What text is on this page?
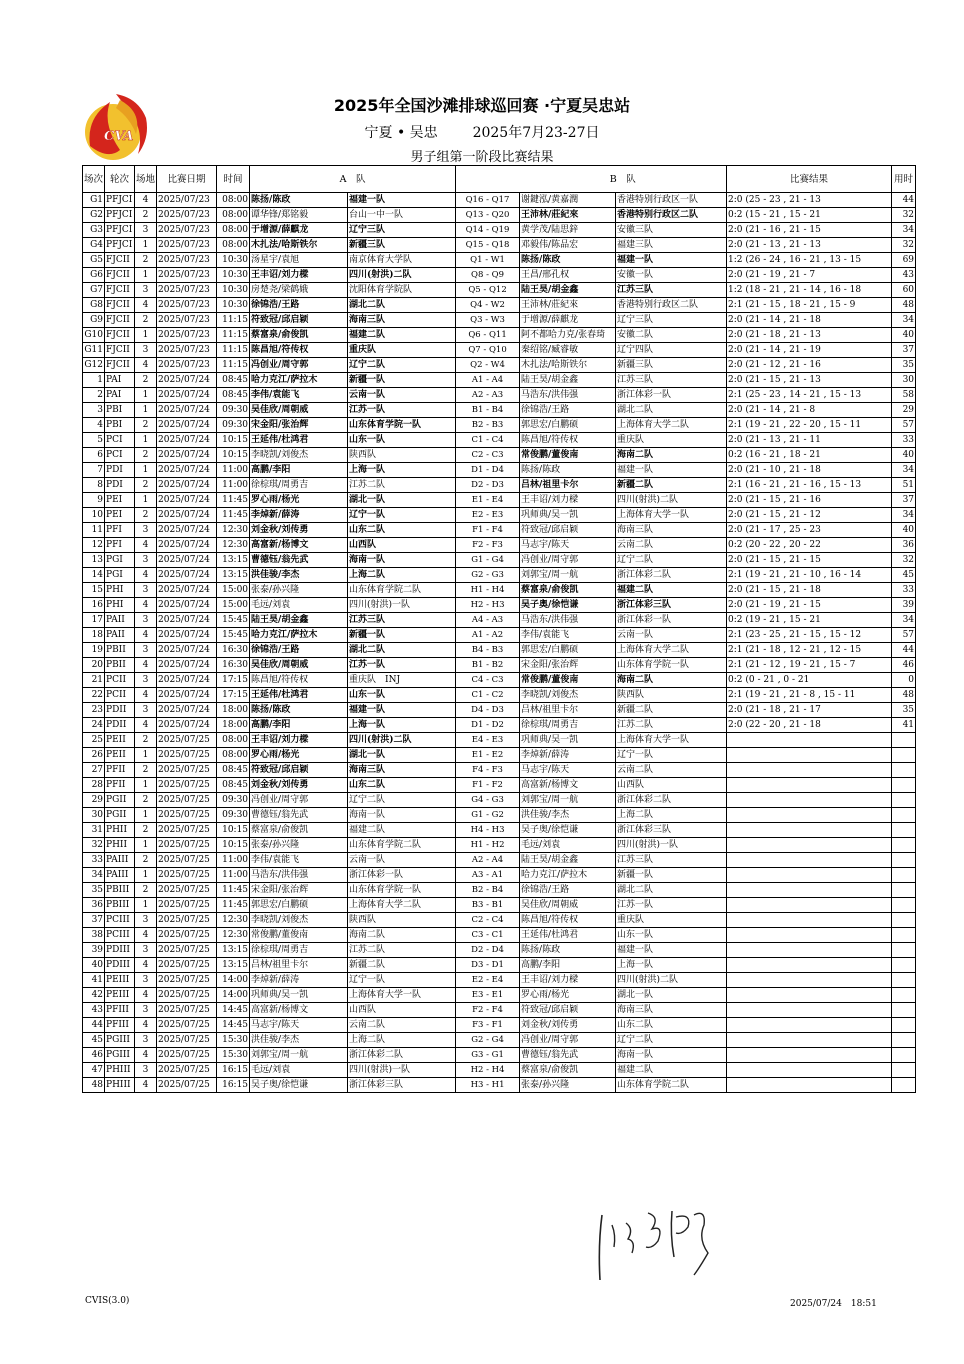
CVA
2025年全国沙滩排球巡回赛 ·宁夏吴忠站
宁夏 • 吴忠 2025年7月23-27日
男子组第一阶段比赛结果
场次	轮次	场地	比赛日期	时间	A　队			B　队		比赛结果	用时
G1	PFJCI	4	2025/07/23	08:00	陈扬/陈政	福建一队	Q16 - Q17	谢鍵泓/黄嘉潤	香港特别行政区一队	2:0 (25 - 23 , 21 - 13	44
G2	PFJCI	2	2025/07/23	08:00	谭华锋/郑铭毅	台山一中一队	Q13 - Q20	王沛林/莊紀來	香港特别行政区二队	0:2 (15 - 21 , 15 - 21	32
G3	PFJCI	3	2025/07/23	08:00	于增源/薛麒龙	辽宁三队	Q14 - Q19	黄学茂/陆思鋅	安徽三队	2:0 (21 - 16 , 21 - 15	34
G4	PFJCI	1	2025/07/23	08:00	木扎法/哈斯铁尔	新疆三队	Q15 - Q18	邓毅伟/陈品宏	福建三队	2:0 (21 - 13 , 21 - 13	32
G5	FJCII	2	2025/07/23	10:30	汤星宇/袁旭	南京体育大学队	Q1 - W1	陈扬/陈政	福建一队	1:2 (26 - 24 , 16 - 21 , 13 - 15	69
G6	FJCII	1	2025/07/23	10:30	王丰诏/刘力樑	四川(射洪)二队	Q8 - Q9	王昌/邢孔权	安徽一队	2:0 (21 - 19 , 21 - 7	43
G7	FJCII	3	2025/07/23	10:30	房楚尧/梁鹤娥	沈阳体育学院队	Q5 - Q12	陆王昊/胡金鑫	江苏三队	1:2 (18 - 21 , 21 - 14 , 16 - 18	60
G8	FJCII	4	2025/07/23	10:30	徐锦浩/王路	湖北二队	Q4 - W2	王沛林/莊紀來	香港特别行政区二队	2:1 (21 - 15 , 18 - 21 , 15 - 9	48
G9	FJCII	2	2025/07/23	11:15	符致冠/邱启颖	海南三队	Q3 - W3	于增源/薛麒龙	辽宁三队	2:0 (21 - 14 , 21 - 18	34
G10	FJCII	1	2025/07/23	11:15	蔡富泉/俞俊凯	福建二队	Q6 - Q11	阿不都哈力克/张春琦	安徽二队	2:0 (21 - 18 , 21 - 13	40
G11	FJCII	3	2025/07/23	11:15	陈昌旭/符传权	重庆队	Q7 - Q10	秦绍铭/臧睿敏	辽宁四队	2:0 (21 - 14 , 21 - 19	37
G12	FJCII	4	2025/07/23	11:15	冯创业/周守郭	辽宁二队	Q2 - W4	木扎法/哈斯铁尔	新疆三队	2:0 (21 - 12 , 21 - 16	35
1	PAI	2	2025/07/24	08:45	哈力克江/萨拉木	新疆一队	A1 - A4	陆王昊/胡金鑫	江苏三队	2:0 (21 - 15 , 21 - 13	30
2	PAI	1	2025/07/24	08:45	李伟/袁能飞	云南一队	A2 - A3	马浩东/洪伟强	浙江体彩一队	2:1 (25 - 23 , 14 - 21 , 15 - 13	58
3	PBI	1	2025/07/24	09:30	吴佳欣/周朝威	江苏一队	B1 - B4	徐锦浩/王路	湖北二队	2:0 (21 - 14 , 21 - 8	29
4	PBI	2	2025/07/24	09:30	宋金阳/张治辉	山东体育学院一队	B2 - B3	郭思宏/白鹏硕	上海体育大学二队	2:1 (19 - 21 , 22 - 20 , 15 - 11	57
5	PCI	1	2025/07/24	10:15	王延伟/杜鸿君	山东一队	C1 - C4	陈昌旭/符传权	重庆队	2:0 (21 - 13 , 21 - 11	33
6	PCI	2	2025/07/24	10:15	李晓凯/刘俊杰	陕西队	C2 - C3	常俊鹏/董俊南	海南二队	0:2 (16 - 21 , 18 - 21	40
7	PDI	1	2025/07/24	11:00	高鹏/李阳	上海一队	D1 - D4	陈扬/陈政	福建一队	2:0 (21 - 10 , 21 - 18	34
8	PDI	2	2025/07/24	11:00	徐棕琪/周勇吉	江苏二队	D2 - D3	吕林/祖里卡尔	新疆二队	2:1 (16 - 21 , 21 - 16 , 15 - 13	51
9	PEI	1	2025/07/24	11:45	罗心雨/杨光	湖北一队	E1 - E4	王丰诏/刘力樑	四川(射洪)二队	2:0 (21 - 15 , 21 - 16	37
10	PEI	2	2025/07/24	11:45	李焯新/薛涛	辽宁一队	E2 - E3	巩师典/吴一凯	上海体育大学一队	2:0 (21 - 15 , 21 - 12	34
11	PFI	3	2025/07/24	12:30	刘金秋/刘传勇	山东二队	F1 - F4	符致冠/邱启颖	海南三队	2:0 (21 - 17 , 25 - 23	40
12	PFI	4	2025/07/24	12:30	高富新/杨博文	山西队	F2 - F3	马志宇/陈天	云南二队	0:2 (20 - 22 , 20 - 22	36
13	PGI	3	2025/07/24	13:15	曹德钰/翁先武	海南一队	G1 - G4	冯创业/周守郭	辽宁二队	2:0 (21 - 15 , 21 - 15	32
14	PGI	4	2025/07/24	13:15	洪佳骏/李杰	上海二队	G2 - G3	刘郭宝/周一航	浙江体彩二队	2:1 (19 - 21 , 21 - 10 , 16 - 14	45
15	PHI	3	2025/07/24	15:00	张泰/孙兴隆	山东体育学院二队	H1 - H4	蔡富泉/俞俊凯	福建二队	2:0 (21 - 15 , 21 - 18	33
16	PHI	4	2025/07/24	15:00	毛远/刘袁	四川(射洪)一队	H2 - H3	吴子奥/徐恺谦	浙江体彩三队	2:0 (21 - 19 , 21 - 15	39
17	PAII	3	2025/07/24	15:45	陆王昊/胡金鑫	江苏三队	A4 - A3	马浩东/洪伟强	浙江体彩一队	0:2 (19 - 21 , 15 - 21	34
18	PAII	4	2025/07/24	15:45	哈力克江/萨拉木	新疆一队	A1 - A2	李伟/袁能飞	云南一队	2:1 (23 - 25 , 21 - 15 , 15 - 12	57
19	PBII	3	2025/07/24	16:30	徐锦浩/王路	湖北二队	B4 - B3	郭思宏/白鹏硕	上海体育大学二队	2:1 (21 - 18 , 12 - 21 , 12 - 15	44
20	PBII	4	2025/07/24	16:30	吴佳欣/周朝威	江苏一队	B1 - B2	宋金阳/张治辉	山东体育学院一队	2:1 (21 - 12 , 19 - 21 , 15 - 7	46
21	PCII	3	2025/07/24	17:15	陈昌旭/符传权	重庆队　INJ	C4 - C3	常俊鹏/董俊南	海南二队	0:2 (0 - 21 , 0 - 21	0
22	PCII	4	2025/07/24	17:15	王延伟/杜鸿君	山东一队	C1 - C2	李晓凯/刘俊杰	陕西队	2:1 (19 - 21 , 21 - 8 , 15 - 11	48
23	PDII	3	2025/07/24	18:00	陈扬/陈政	福建一队	D4 - D3	吕林/祖里卡尔	新疆二队	2:0 (21 - 18 , 21 - 17	35
24	PDII	4	2025/07/24	18:00	高鹏/李阳	上海一队	D1 - D2	徐棕琪/周勇吉	江苏二队	2:0 (22 - 20 , 21 - 18	41
25	PEII	2	2025/07/25	08:00	王丰诏/刘力樑	四川(射洪)二队	E4 - E3	巩师典/吴一凯	上海体育大学一队		
26	PEII	1	2025/07/25	08:00	罗心雨/杨光	湖北一队	E1 - E2	李焯新/薛涛	辽宁一队		
27	PFII	2	2025/07/25	08:45	符致冠/邱启颖	海南三队	F4 - F3	马志宇/陈天	云南二队		
28	PFII	1	2025/07/25	08:45	刘金秋/刘传勇	山东二队	F1 - F2	高富新/杨博文	山西队		
29	PGII	2	2025/07/25	09:30	冯创业/周守郭	辽宁二队	G4 - G3	刘郭宝/周一航	浙江体彩二队		
30	PGII	1	2025/07/25	09:30	曹德钰/翁先武	海南一队	G1 - G2	洪佳骏/李杰	上海二队		
31	PHII	2	2025/07/25	10:15	蔡富泉/俞俊凯	福建二队	H4 - H3	吴子奥/徐恺谦	浙江体彩三队		
32	PHII	1	2025/07/25	10:15	张泰/孙兴隆	山东体育学院二队	H1 - H2	毛远/刘袁	四川(射洪)一队		
33	PAIII	2	2025/07/25	11:00	李伟/袁能飞	云南一队	A2 - A4	陆王昊/胡金鑫	江苏三队		
34	PAIII	1	2025/07/25	11:00	马浩东/洪伟强	浙江体彩一队	A3 - A1	哈力克江/萨拉木	新疆一队		
35	PBIII	2	2025/07/25	11:45	宋金阳/张治辉	山东体育学院一队	B2 - B4	徐锦浩/王路	湖北二队		
36	PBIII	1	2025/07/25	11:45	郭思宏/白鹏硕	上海体育大学二队	B3 - B1	吴佳欣/周朝威	江苏一队		
37	PCIII	3	2025/07/25	12:30	李晓凯/刘俊杰	陕西队	C2 - C4	陈昌旭/符传权	重庆队		
38	PCIII	4	2025/07/25	12:30	常俊鹏/董俊南	海南二队	C3 - C1	王延伟/杜鸿君	山东一队		
39	PDIII	3	2025/07/25	13:15	徐棕琪/周勇吉	江苏二队	D2 - D4	陈扬/陈政	福建一队		
40	PDIII	4	2025/07/25	13:15	吕林/祖里卡尔	新疆二队	D3 - D1	高鹏/李阳	上海一队		
41	PEIII	3	2025/07/25	14:00	李焯新/薛涛	辽宁一队	E2 - E4	王丰诏/刘力樑	四川(射洪)二队		
42	PEIII	4	2025/07/25	14:00	巩师典/吴一凯	上海体育大学一队	E3 - E1	罗心雨/杨光	湖北一队		
43	PFIII	3	2025/07/25	14:45	高富新/杨博文	山西队	F2 - F4	符致冠/邱启颖	海南三队		
44	PFIII	4	2025/07/25	14:45	马志宇/陈天	云南二队	F3 - F1	刘金秋/刘传勇	山东二队		
45	PGIII	3	2025/07/25	15:30	洪佳骏/李杰	上海二队	G2 - G4	冯创业/周守郭	辽宁二队		
46	PGIII	4	2025/07/25	15:30	刘郭宝/周一航	浙江体彩二队	G3 - G1	曹德钰/翁先武	海南一队		
47	PHIII	3	2025/07/25	16:15	毛远/刘袁	四川(射洪)一队	H2 - H4	蔡富泉/俞俊凯	福建二队		
48	PHIII	4	2025/07/25	16:15	吴子奥/徐恺谦	浙江体彩三队	H3 - H1	张泰/孙兴隆	山东体育学院二队		
CVIS(3.0)	2025/07/24　18:51
